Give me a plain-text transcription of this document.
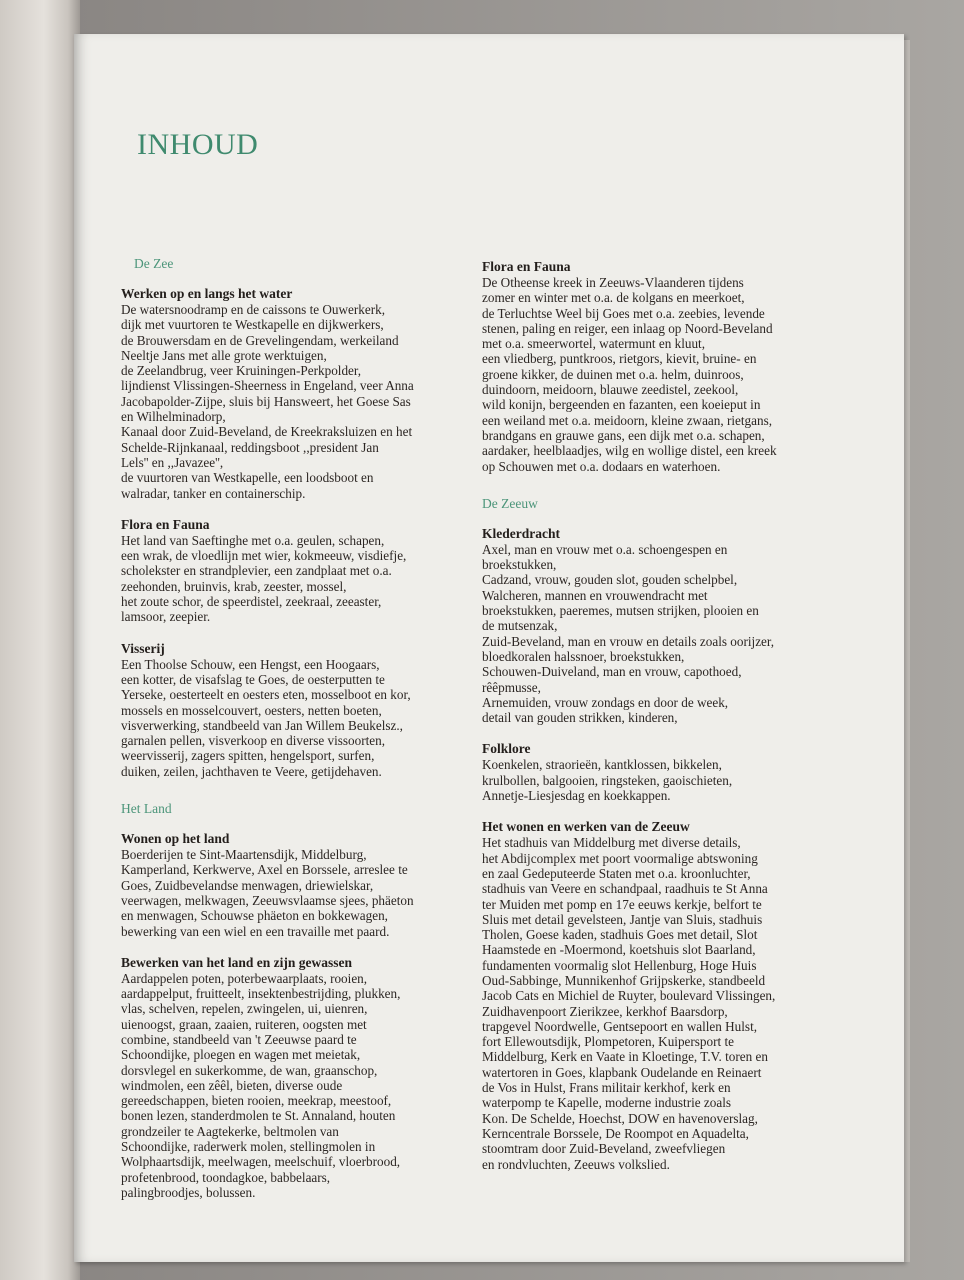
INHOUD
De Zee
Werken op en langs het water
De watersnoodramp en de caissons te Ouwerkerk,
dijk met vuurtoren te Westkapelle en dijkwerkers,
de Brouwersdam en de Grevelingendam, werkeiland
Neeltje Jans met alle grote werktuigen,
de Zeelandbrug, veer Kruiningen-Perkpolder,
lijndienst Vlissingen-Sheerness in Engeland, veer Anna
Jacobapolder-Zijpe, sluis bij Hansweert, het Goese Sas
en Wilhelminadorp,
Kanaal door Zuid-Beveland, de Kreekraksluizen en het
Schelde-Rijnkanaal, reddingsboot ,,president Jan
Lels'' en ,,Javazee'',
de vuurtoren van Westkapelle, een loodsboot en
walradar, tanker en containerschip.
Flora en Fauna
Het land van Saeftinghe met o.a. geulen, schapen,
een wrak, de vloedlijn met wier, kokmeeuw, visdiefje,
scholekster en strandplevier, een zandplaat met o.a.
zeehonden, bruinvis, krab, zeester, mossel,
het zoute schor, de speerdistel, zeekraal, zeeaster,
lamsoor, zeepier.
Visserij
Een Thoolse Schouw, een Hengst, een Hoogaars,
een kotter, de visafslag te Goes, de oesterputten te
Yerseke, oesterteelt en oesters eten, mosselboot en kor,
mossels en mosselcouvert, oesters, netten boeten,
visverwerking, standbeeld van Jan Willem Beukelsz.,
garnalen pellen, visverkoop en diverse vissoorten,
weervisserij, zagers spitten, hengelsport, surfen,
duiken, zeilen, jachthaven te Veere, getijdehaven.
Het Land
Wonen op het land
Boerderijen te Sint-Maartensdijk, Middelburg,
Kamperland, Kerkwerve, Axel en Borssele, arreslee te
Goes, Zuidbevelandse menwagen, driewielskar,
veerwagen, melkwagen, Zeeuwsvlaamse sjees, phäeton
en menwagen, Schouwse phäeton en bokkewagen,
bewerking van een wiel en een travaille met paard.
Bewerken van het land en zijn gewassen
Aardappelen poten, poterbewaarplaats, rooien,
aardappelput, fruitteelt, insektenbestrijding, plukken,
vlas, schelven, repelen, zwingelen, ui, uienren,
uienoogst, graan, zaaien, ruiteren, oogsten met
combine, standbeeld van 't Zeeuwse paard te
Schoondijke, ploegen en wagen met meietak,
dorsvlegel en sukerkomme, de wan, graanschop,
windmolen, een zêêl, bieten, diverse oude
gereedschappen, bieten rooien, meekrap, meestoof,
bonen lezen, standerdmolen te St. Annaland, houten
grondzeiler te Aagtekerke, beltmolen van
Schoondijke, raderwerk molen, stellingmolen in
Wolphaartsdijk, meelwagen, meelschuif, vloerbrood,
profetenbrood, toondagkoe, babbelaars,
palingbroodjes, bolussen.
Flora en Fauna
De Otheense kreek in Zeeuws-Vlaanderen tijdens
zomer en winter met o.a. de kolgans en meerkoet,
de Terluchtse Weel bij Goes met o.a. zeebies, levende
stenen, paling en reiger, een inlaag op Noord-Beveland
met o.a. smeerwortel, watermunt en kluut,
een vliedberg, puntkroos, rietgors, kievit, bruine- en
groene kikker, de duinen met o.a. helm, duinroos,
duindoorn, meidoorn, blauwe zeedistel, zeekool,
wild konijn, bergeenden en fazanten, een koeieput in
een weiland met o.a. meidoorn, kleine zwaan, rietgans,
brandgans en grauwe gans, een dijk met o.a. schapen,
aardaker, heelblaadjes, wilg en wollige distel, een kreek
op Schouwen met o.a. dodaars en waterhoen.
De Zeeuw
Klederdracht
Axel, man en vrouw met o.a. schoengespen en
broekstukken,
Cadzand, vrouw, gouden slot, gouden schelpbel,
Walcheren, mannen en vrouwendracht met
broekstukken, paeremes, mutsen strijken, plooien en
de mutsenzak,
Zuid-Beveland, man en vrouw en details zoals oorijzer,
bloedkoralen halssnoer, broekstukken,
Schouwen-Duiveland, man en vrouw, capothoed,
rêêpmusse,
Arnemuiden, vrouw zondags en door de week,
detail van gouden strikken, kinderen,
Folklore
Koenkelen, straorieën, kantklossen, bikkelen,
krulbollen, balgooien, ringsteken, gaoischieten,
Annetje-Liesjesdag en koekkappen.
Het wonen en werken van de Zeeuw
Het stadhuis van Middelburg met diverse details,
het Abdijcomplex met poort voormalige abtswoning
en zaal Gedeputeerde Staten met o.a. kroonluchter,
stadhuis van Veere en schandpaal, raadhuis te St Anna
ter Muiden met pomp en 17e eeuws kerkje, belfort te
Sluis met detail gevelsteen, Jantje van Sluis, stadhuis
Tholen, Goese kaden, stadhuis Goes met detail, Slot
Haamstede en -Moermond, koetshuis slot Baarland,
fundamenten voormalig slot Hellenburg, Hoge Huis
Oud-Sabbinge, Munnikenhof Grijpskerke, standbeeld
Jacob Cats en Michiel de Ruyter, boulevard Vlissingen,
Zuidhavenpoort Zierikzee, kerkhof Baarsdorp,
trapgevel Noordwelle, Gentsepoort en wallen Hulst,
fort Ellewoutsdijk, Plompetoren, Kuipersport te
Middelburg, Kerk en Vaate in Kloetinge, T.V. toren en
watertoren in Goes, klapbank Oudelande en Reinaert
de Vos in Hulst, Frans militair kerkhof, kerk en
waterpomp te Kapelle, moderne industrie zoals
Kon. De Schelde, Hoechst, DOW en havenoverslag,
Kerncentrale Borssele, De Roompot en Aquadelta,
stoomtram door Zuid-Beveland, zweefvliegen
en rondvluchten, Zeeuws volkslied.
